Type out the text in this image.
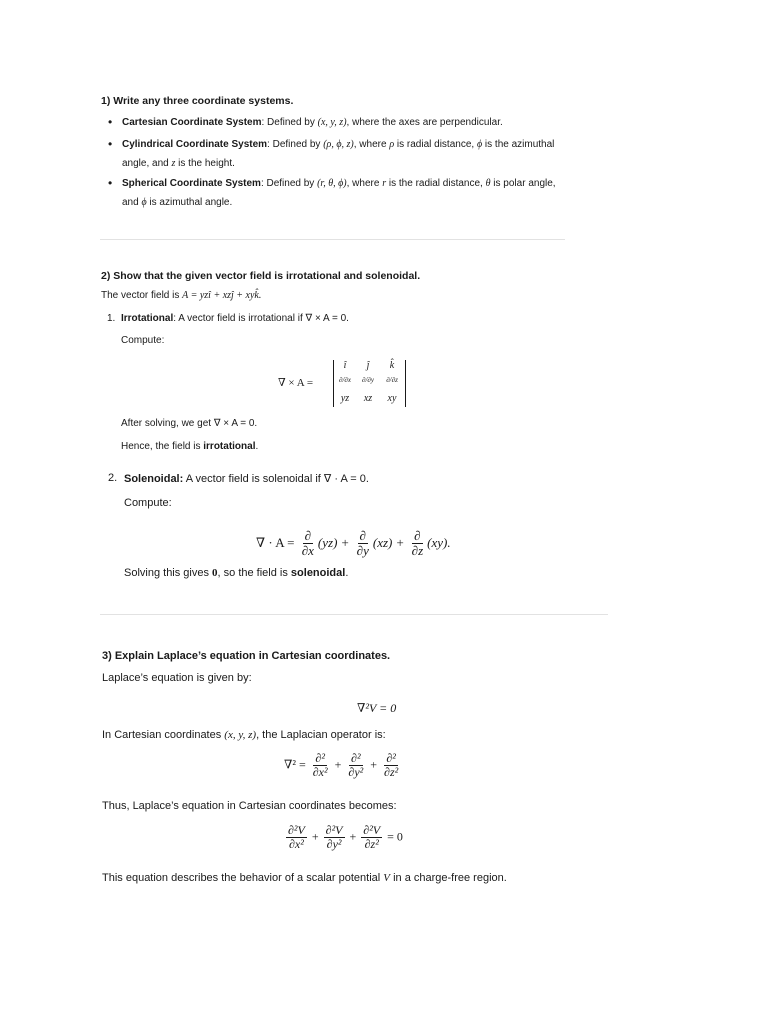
1) Write any three coordinate systems.
•
•
•
Cartesian Coordinate System: Defined by (x, y, z), where the axes are perpendicular.
Cylindrical Coordinate System: Defined by (ρ, ϕ, z), where ρ is radial distance, ϕ is the azimuthal angle, and z is the height.
Spherical Coordinate System: Defined by (r, θ, ϕ), where r is the radial distance, θ is polar angle, and ϕ is azimuthal angle.
2) Show that the given vector field is irrotational and solenoidal.
The vector field is A = yzî + xzĵ + xyk̂.
1. Irrotational: A vector field is irrotational if ∇ × A = 0.
Compute:
∇ × A =
î	ĵ	k̂
∂/∂x	∂/∂y	∂/∂z
yz	xz	xy
After solving, we get ∇ × A = 0.
Hence, the field is irrotational.
2. Solenoidal: A vector field is solenoidal if ∇ · A = 0.
Compute:
∇ · $A = \frac{\partial}{\partial x} (yz) + \frac{\partial}{\partial y} (xz) + \frac{\partial}{\partial z} (xy)$.
Solving this gives 0, so the field is solenoidal.
3) Explain Laplace’s equation in Cartesian coordinates.
Laplace’s equation is given by:
∇²V = 0
In Cartesian coordinates (x, y, z), the Laplacian operator is:
$\nabla^2 = \frac{\text{∂²}}{\text{∂x²}} + \frac{\text{∂²}}{\text{∂y²}} + \frac{\text{∂²}}{\text{∂z²}}$
Thus, Laplace’s equation in Cartesian coordinates becomes:
$\frac{\text{∂²V}}{\text{∂x²}} + \frac{\text{∂²V}}{\text{∂y²}} + \frac{\text{∂²V}}{\text{∂z²}} = 0$
This equation describes the behavior of a scalar potential V in a charge-free region.
